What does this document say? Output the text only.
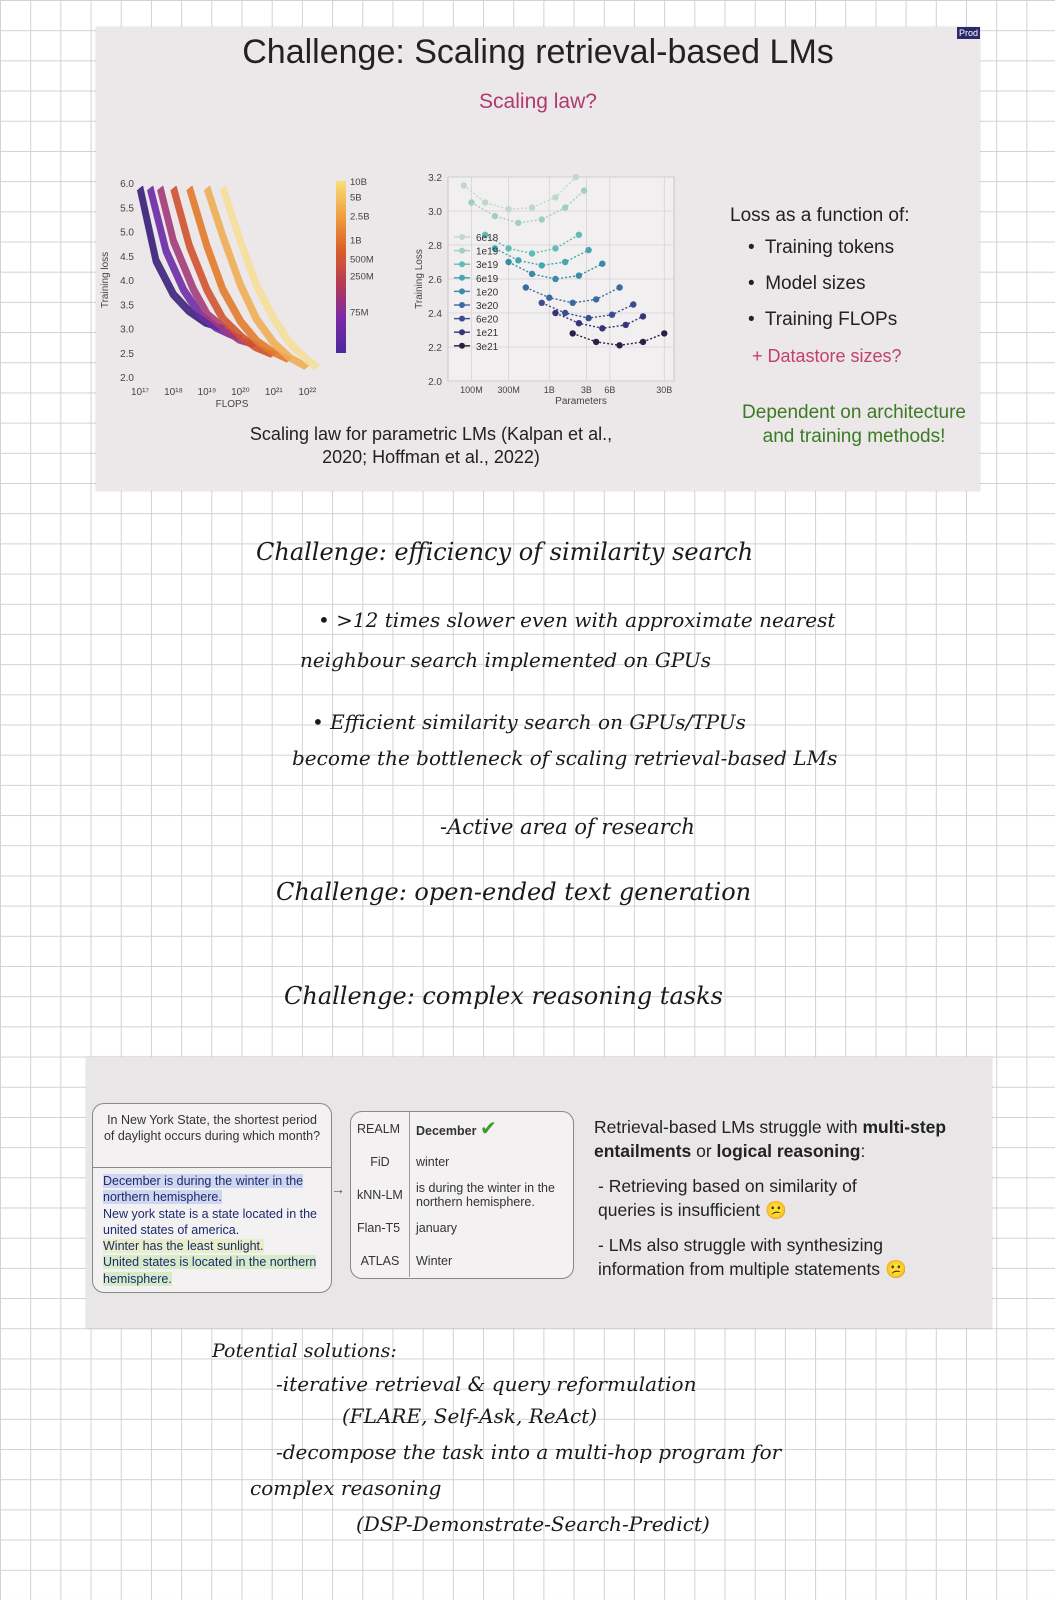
Challenge: Scaling retrieval-based LMs
Scaling law?
Prod
6.0
5.5
5.0
4.5
4.0
3.5
3.0
2.5
2.0
10¹⁷ 10¹⁸ 10¹⁹ 10²⁰ 10²¹ 10²²
FLOPS
Training loss
10B
5B
2.5B
1B
500M
250M
75M
3.2
3.0
2.8
2.6
2.4
2.2
2.0
100M 300M	1B	3B 6B	30B
Parameters
Training Loss
6e18
1e19
3e19
6e19
1e20
3e20
6e20
1e21
3e21
Loss as a function of:
• Training tokens
• Model sizes
• Training FLOPs
+ Datastore sizes?
Dependent on architecture and training methods!
Scaling law for parametric LMs (Kalpan et al., 2020; Hoffman et al., 2022)
Challenge: efficiency of similarity search
• >12 times slower even with approximate nearest
neighbour search implemented on GPUs
• Efficient similarity search on GPUs/TPUs
become the bottleneck of scaling retrieval-based LMs
-Active area of research
Challenge: open-ended text generation
Challenge: complex reasoning tasks
In New York State, the shortest period of daylight occurs during which month?
December is during the winter in the northern hemisphere.
New york state is a state located in the united states of america.
Winter has the least sunlight.
United states is located in the northern hemisphere.
→
REALM	December ✔
FiD	winter
kNN-LM	is during the winter in the northern hemisphere.
Flan-T5	january
ATLAS	Winter
Retrieval-based LMs struggle with multi-step entailments or logical reasoning:
- Retrieving based on similarity of queries is insufficient 😕
- LMs also struggle with synthesizing information from multiple statements 😕
Potential solutions:
-iterative retrieval & query reformulation
(FLARE, Self-Ask, ReAct)
-decompose the task into a multi-hop program for
complex reasoning
(DSP-Demonstrate-Search-Predict)
